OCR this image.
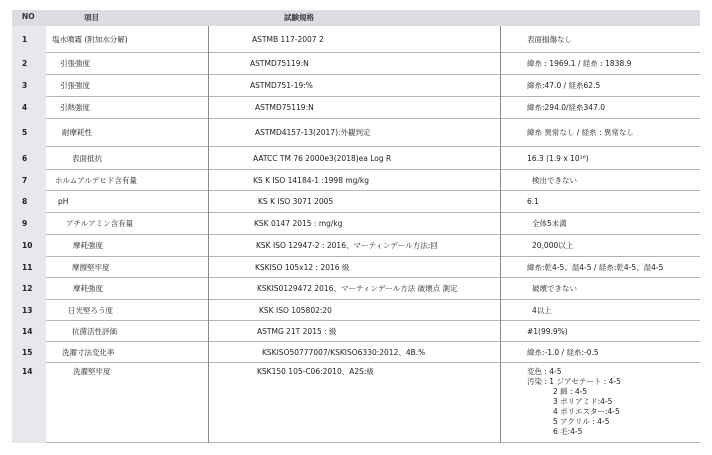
NO	項目	試験規格
1	塩水噴霧 (附加水分解)	ASTMB 117-2007 2	表面損傷なし
2	引張強度	ASTMD75119:N	緯糸 : 1969.1 / 経糸 : 1838.9
3	引張強度	ASTMD751-19:%	緯糸:47.0 / 経糸62.5
4	引熱強度	ASTMD75119:N	緯糸:294.0/経糸347.0
5	耐摩耗性	ASTMD4157-13(2017):外観判定	緯糸 異常なし / 経糸 : 異常なし
6	表面抵抗	AATCC TM 76 2000e3(2018)ea Log R	16.3 (1.9 x 10¹⁶)
7	ホルムアルデヒド含有量	KS K ISO 14184-1 :1998 mg/kg	検出できない
8	pH	KS K ISO 3071 2005	6.1
9	アチルアミン含有量	KSK 0147 2015 : mg/kg	全体5未満
10	摩耗強度	KSK ISO 12947-2 : 2016、マーティンデール方法:回	20,000以上
11	摩擦堅牢度	KSKISO 105x12 : 2016 級	緯糸:乾4-5、湿4-5 / 経糸:乾4-5、湿4-5
12	摩耗強度	KSKIS0129472 2016、マーティンデール方法 破壊点 測定	破壊できない
13	日光堅ろう度	KSK ISO 105802:20	4以上
14	抗菌活性評価	ASTMG 21T 2015 : 級	#1(99.9%)
15	洗濯寸法変化率	KSKISO50777007/KSKISO6330:2012、4B.%	緯糸:-1.0 / 経糸:-0.5
14	洗濯堅牢度	KSK150 105-C06:2010、A2S:級	変色 : 4-5
汚染 : 1 ジアセテート : 4-5
2 綿 : 4-5
3 ポリアミド:4-5
4 ポリエスター:4-5
5 アクリル : 4-5
6 毛:4-5
